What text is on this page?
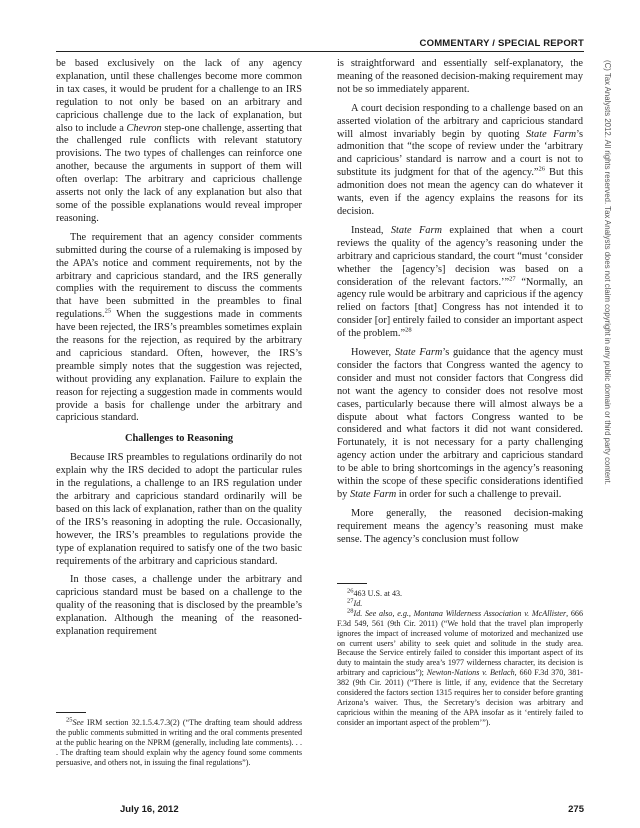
COMMENTARY / SPECIAL REPORT
(C) Tax Analysts 2012. All rights reserved. Tax Analysts does not claim copyright in any public domain or third party content.

be based exclusively on the lack of any agency explanation, until these challenges become more common in tax cases, it would be prudent for a challenge to an IRS regulation to not only be based on an arbitrary and capricious challenge due to the lack of explanation, but also to include a Chevron step-one challenge, asserting that the challenged rule conflicts with relevant statutory provisions. The two types of challenges can reinforce one another, because the arguments in support of them will often overlap: The arbitrary and capricious challenge asserts not only the lack of any explanation but also that some of the possible explanations would reveal improper reasoning.

The requirement that an agency consider comments submitted during the course of a rulemaking is imposed by the APA’s notice and comment requirements, not by the arbitrary and capricious standard, and the IRS generally complies with the requirement to discuss the comments that have been submitted in the preambles to final regulations.$^{25}$ When the suggestions made in comments have been rejected, the IRS’s preambles sometimes explain the reasons for the rejection, as required by the arbitrary and capricious standard. Often, however, the IRS’s preamble simply notes that the suggestion was rejected, without providing any explanation. Failure to explain the reason for rejecting a suggestion made in comments would provide a basis for challenge under the arbitrary and capricious standard.

Challenges to Reasoning

Because IRS preambles to regulations ordinarily do not explain why the IRS decided to adopt the particular rules in the regulations, a challenge to an IRS regulation under the arbitrary and capricious standard ordinarily will be based on this lack of explanation, rather than on the quality of the IRS’s reasoning in adopting the rule. Occasionally, however, the IRS’s preambles to regulations provide the type of explanation required to satisfy one of the two basic requirements of the arbitrary and capricious standard.

In those cases, a challenge under the arbitrary and capricious standard must be based on a challenge to the quality of the reasoning that is disclosed by the preamble’s explanation. Although the meaning of the reasoned-explanation requirement

$^{25}$See IRM section 32.1.5.4.7.3(2) (“The drafting team should address the public comments submitted in writing and the oral comments presented at the public hearing on the NPRM (generally, including late comments). . . . The drafting team should explain why the agency found some comments persuasive, and others not, in issuing the final regulations”).

is straightforward and essentially self-explanatory, the meaning of the reasoned decision-making requirement may not be so immediately apparent.

A court decision responding to a challenge based on an asserted violation of the arbitrary and capricious standard will almost invariably begin by quoting State Farm’s admonition that “the scope of review under the ‘arbitrary and capricious’ standard is narrow and a court is not to substitute its judgment for that of the agency.”$^{26}$ But this admonition does not mean the agency can do whatever it wants, even if the agency explains the reasons for its decision.

Instead, State Farm explained that when a court reviews the quality of the agency’s reasoning under the arbitrary and capricious standard, the court “must ‘consider whether the [agency’s] decision was based on a consideration of the relevant factors.’”$^{27}$ “Normally, an agency rule would be arbitrary and capricious if the agency relied on factors [that] Congress has not intended it to consider [or] entirely failed to consider an important aspect of the problem.”$^{28}$

However, State Farm’s guidance that the agency must consider the factors that Congress wanted the agency to consider and must not consider factors that Congress did not want the agency to consider does not resolve most cases, particularly because there will almost always be a dispute about what factors Congress wanted to be considered and what factors it did not want considered. Fortunately, it is not necessary for a party challenging agency action under the arbitrary and capricious standard to be able to bring shortcomings in the agency’s reasoning within the scope of these specific considerations identified by State Farm in order for such a challenge to prevail.

More generally, the reasoned decision-making requirement means the agency’s reasoning must make sense. The agency’s conclusion must follow

$^{26}$463 U.S. at 43.

$^{27}$Id.

$^{28}$Id. See also, e.g., Montana Wilderness Association v. McAllister, 666 F.3d 549, 561 (9th Cir. 2011) (“We hold that the travel plan improperly ignores the impact of increased volume of motorized and mechanized use on current users’ ability to seek quiet and solitude in the study area. Because the Service entirely failed to consider this important aspect of its duty to maintain the study area’s 1977 wilderness character, its decision is arbitrary and capricious”); Newton-Nations v. Betlach, 660 F.3d 370, 381-382 (9th Cir. 2011) (“There is little, if any, evidence that the Secretary considered the factors section 1315 requires her to consider before granting Arizona’s waiver. Thus, the Secretary’s decision was arbitrary and capricious within the meaning of the APA insofar as it ‘entirely failed to consider an important aspect of the problem’”).

July 16, 2012	275
